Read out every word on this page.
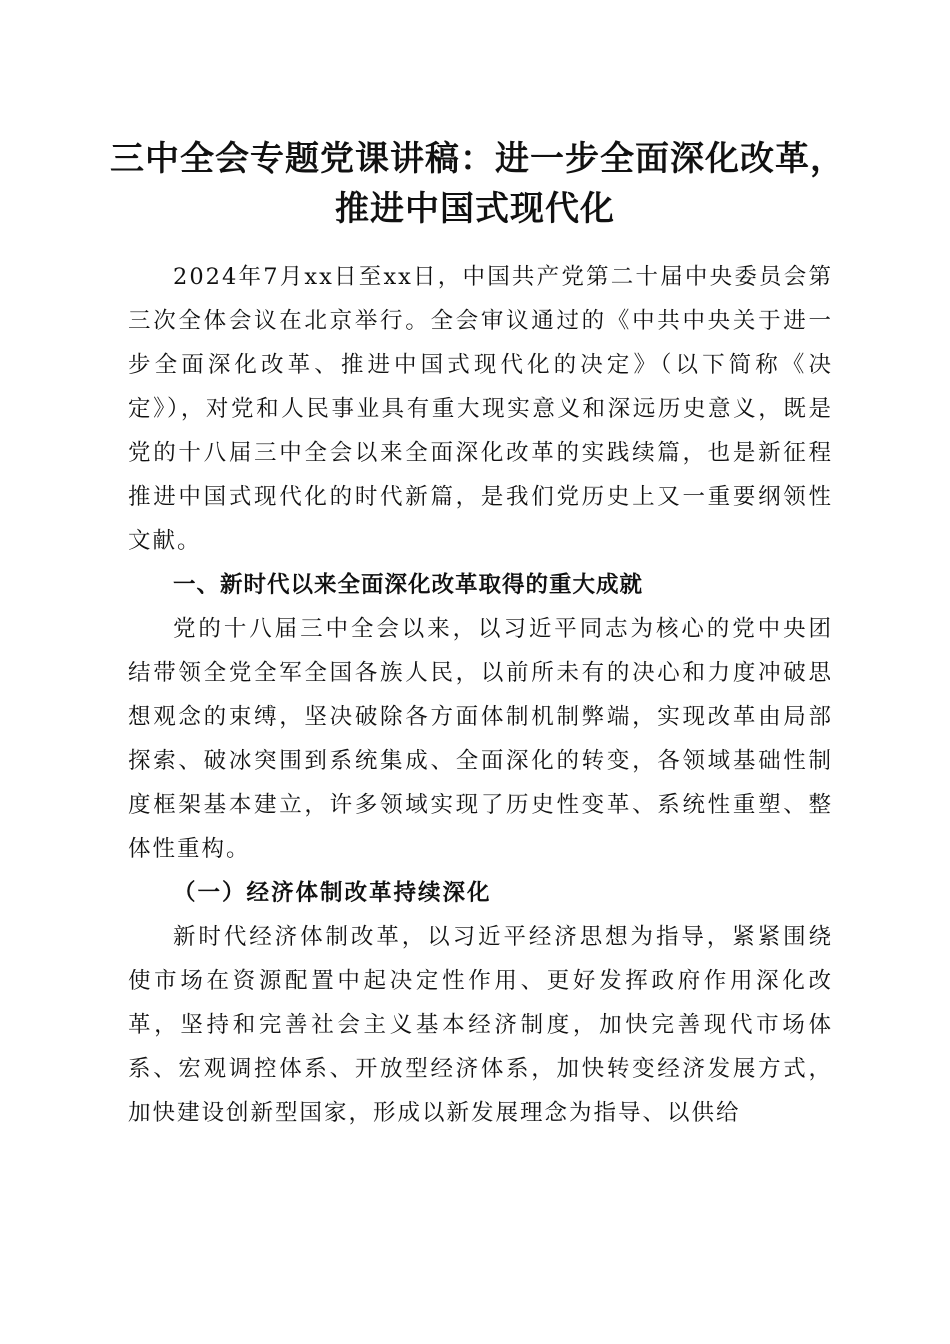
三中全会专题党课讲稿：进一步全面深化改革，
推进中国式现代化

2024年7月xx日至xx日，中国共产党第二十届中央委员会第三次全体会议在北京举行。全会审议通过的《中共中央关于进一步全面深化改革、推进中国式现代化的决定》（以下简称《决定》），对党和人民事业具有重大现实意义和深远历史意义，既是党的十八届三中全会以来全面深化改革的实践续篇，也是新征程推进中国式现代化的时代新篇，是我们党历史上又一重要纲领性文献。

一、新时代以来全面深化改革取得的重大成就

党的十八届三中全会以来，以习近平同志为核心的党中央团结带领全党全军全国各族人民，以前所未有的决心和力度冲破思想观念的束缚，坚决破除各方面体制机制弊端，实现改革由局部探索、破冰突围到系统集成、全面深化的转变，各领域基础性制度框架基本建立，许多领域实现了历史性变革、系统性重塑、整体性重构。

（一）经济体制改革持续深化

新时代经济体制改革，以习近平经济思想为指导，紧紧围绕使市场在资源配置中起决定性作用、更好发挥政府作用深化改革，坚持和完善社会主义基本经济制度，加快完善现代市场体系、宏观调控体系、开放型经济体系，加快转变经济发展方式，加快建设创新型国家，形成以新发展理念为指导、以供给
